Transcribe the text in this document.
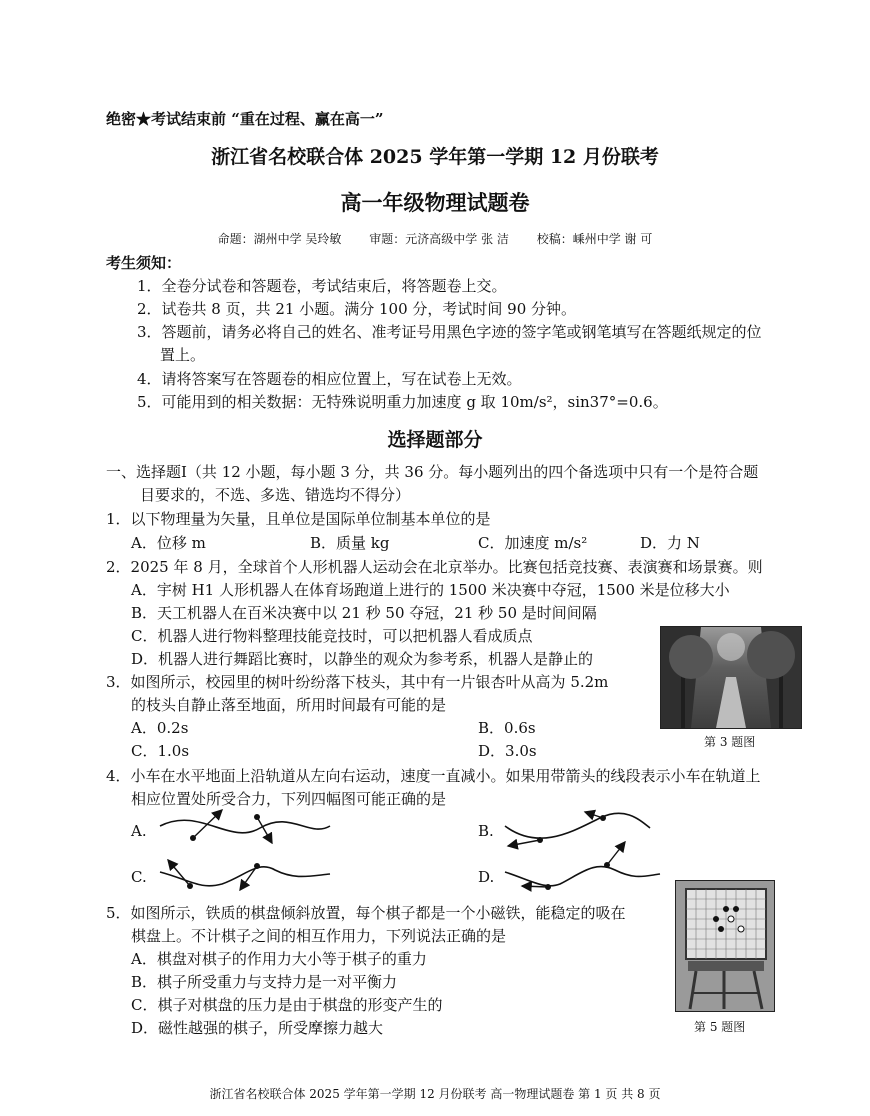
绝密★考试结束前 “重在过程、赢在高一”
浙江省名校联合体 2025 学年第一学期 12 月份联考
高一年级物理试题卷
命题：湖州中学 吴玲敏 审题：元济高级中学 张 洁 校稿：嵊州中学 谢 可
考生须知：
1．全卷分试卷和答题卷，考试结束后，将答题卷上交。
2．试卷共 8 页，共 21 小题。满分 100 分，考试时间 90 分钟。
3．答题前，请务必将自己的姓名、准考证号用黑色字迹的签字笔或钢笔填写在答题纸规定的位
置上。
4．请将答案写在答题卷的相应位置上，写在试卷上无效。
5．可能用到的相关数据：无特殊说明重力加速度 g 取 10m/s²，sin37°=0.6。
选择题部分
一、选择题Ⅰ（共 12 小题，每小题 3 分，共 36 分。每小题列出的四个备选项中只有一个是符合题
目要求的，不选、多选、错选均不得分）
1．以下物理量为矢量，且单位是国际单位制基本单位的是
A．位移 m	B．质量 kg	C．加速度 m/s²	D．力 N
2．2025 年 8 月，全球首个人形机器人运动会在北京举办。比赛包括竞技赛、表演赛和场景赛。则
A．宇树 H1 人形机器人在体育场跑道上进行的 1500 米决赛中夺冠，1500 米是位移大小
B．天工机器人在百米决赛中以 21 秒 50 夺冠，21 秒 50 是时间间隔
C．机器人进行物料整理技能竞技时，可以把机器人看成质点
D．机器人进行舞蹈比赛时，以静坐的观众为参考系，机器人是静止的
第 3 题图
3．如图所示，校园里的树叶纷纷落下枝头，其中有一片银杏叶从高为 5.2m
的枝头自静止落至地面，所用时间最有可能的是
A．0.2s	B．0.6s
C．1.0s	D．3.0s
4．小车在水平地面上沿轨道从左向右运动，速度一直减小。如果用带箭头的线段表示小车在轨道上
相应位置处所受合力，下列四幅图可能正确的是
A.	B.
C.	D.
第 5 题图
5．如图所示，铁质的棋盘倾斜放置，每个棋子都是一个小磁铁，能稳定的吸在
棋盘上。不计棋子之间的相互作用力，下列说法正确的是
A．棋盘对棋子的作用力大小等于棋子的重力
B．棋子所受重力与支持力是一对平衡力
C．棋子对棋盘的压力是由于棋盘的形变产生的
D．磁性越强的棋子，所受摩擦力越大
浙江省名校联合体 2025 学年第一学期 12 月份联考 高一物理试题卷 第 1 页 共 8 页
